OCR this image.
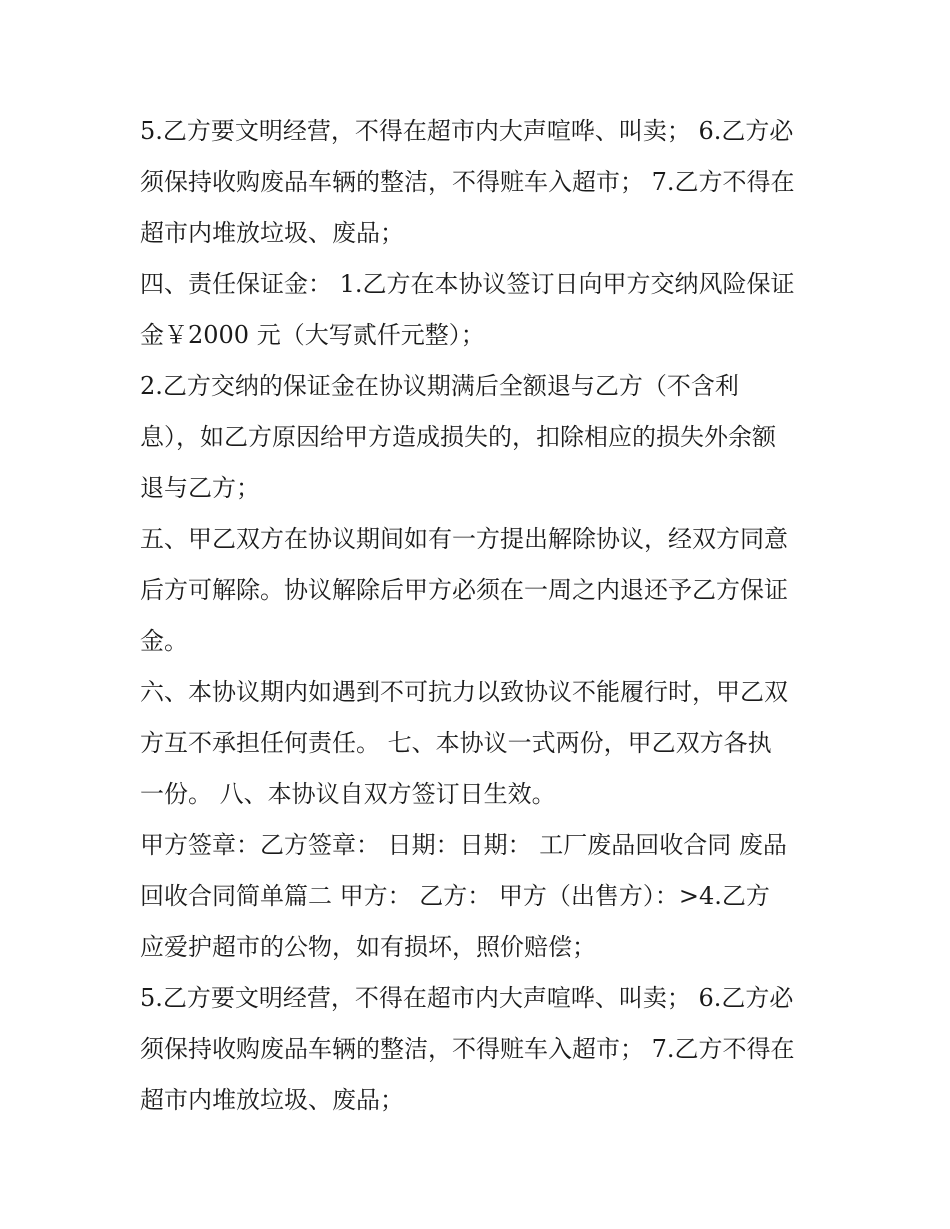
5.乙方要文明经营，不得在超市内大声喧哗、叫卖； 6.乙方必
须保持收购废品车辆的整洁，不得赃车入超市； 7.乙方不得在
超市内堆放垃圾、废品；
四、责任保证金： 1.乙方在本协议签订日向甲方交纳风险保证
金￥2000 元（大写贰仟元整）；
2.乙方交纳的保证金在协议期满后全额退与乙方（不含利
息），如乙方原因给甲方造成损失的，扣除相应的损失外余额
退与乙方；
五、甲乙双方在协议期间如有一方提出解除协议，经双方同意
后方可解除。协议解除后甲方必须在一周之内退还予乙方保证
金。
六、本协议期内如遇到不可抗力以致协议不能履行时，甲乙双
方互不承担任何责任。 七、本协议一式两份，甲乙双方各执
一份。 八、本协议自双方签订日生效。
甲方签章：乙方签章： 日期：日期： 工厂废品回收合同 废品
回收合同简单篇二 甲方： 乙方： 甲方（出售方）：>4.乙方
应爱护超市的公物，如有损坏，照价赔偿；
5.乙方要文明经营，不得在超市内大声喧哗、叫卖； 6.乙方必
须保持收购废品车辆的整洁，不得赃车入超市； 7.乙方不得在
超市内堆放垃圾、废品；
